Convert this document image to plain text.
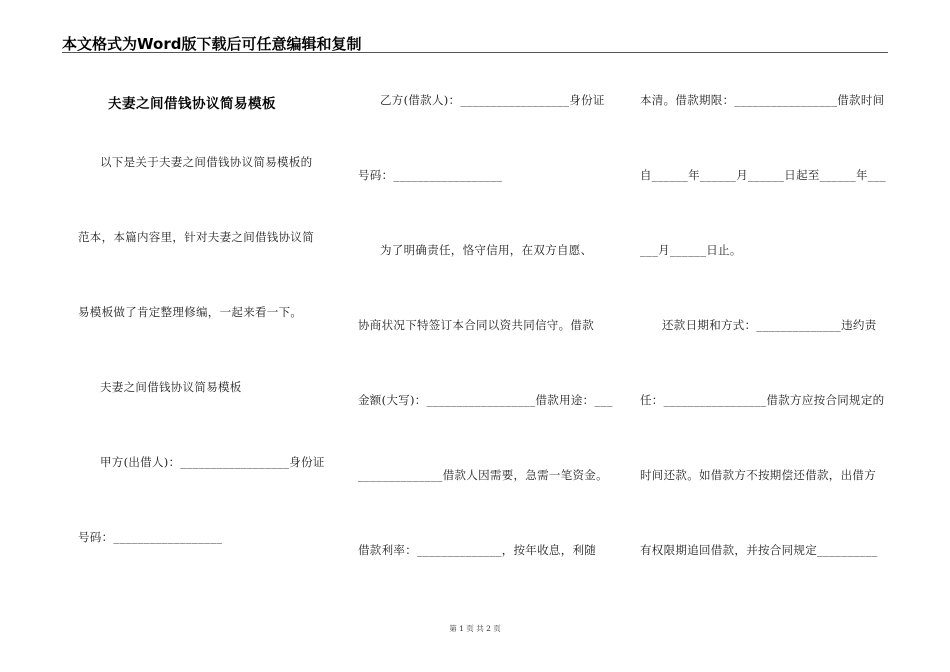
本文格式为Word版下载后可任意编辑和复制
夫妻之间借钱协议简易模板
以下是关于夫妻之间借钱协议简易模板的
范本，本篇内容里，针对夫妻之间借钱协议简
易模板做了肯定整理修编，一起来看一下。
夫妻之间借钱协议简易模板
甲方(出借人)：__________________身份证
号码：__________________
乙方(借款人)：__________________身份证
号码：__________________
为了明确责任，恪守信用，在双方自愿、
协商状况下特签订本合同以资共同信守。借款
金额(大写)：__________________借款用途：___
______________借款人因需要，急需一笔资金。
借款利率：______________，按年收息，利随
本清。借款期限：_________________借款时间
自______年______月______日起至______年___
___月______日止。
还款日期和方式：______________违约责
任：_________________借款方应按合同规定的
时间还款。如借款方不按期偿还借款，出借方
有权限期追回借款，并按合同规定__________
第 1 页 共 2 页
